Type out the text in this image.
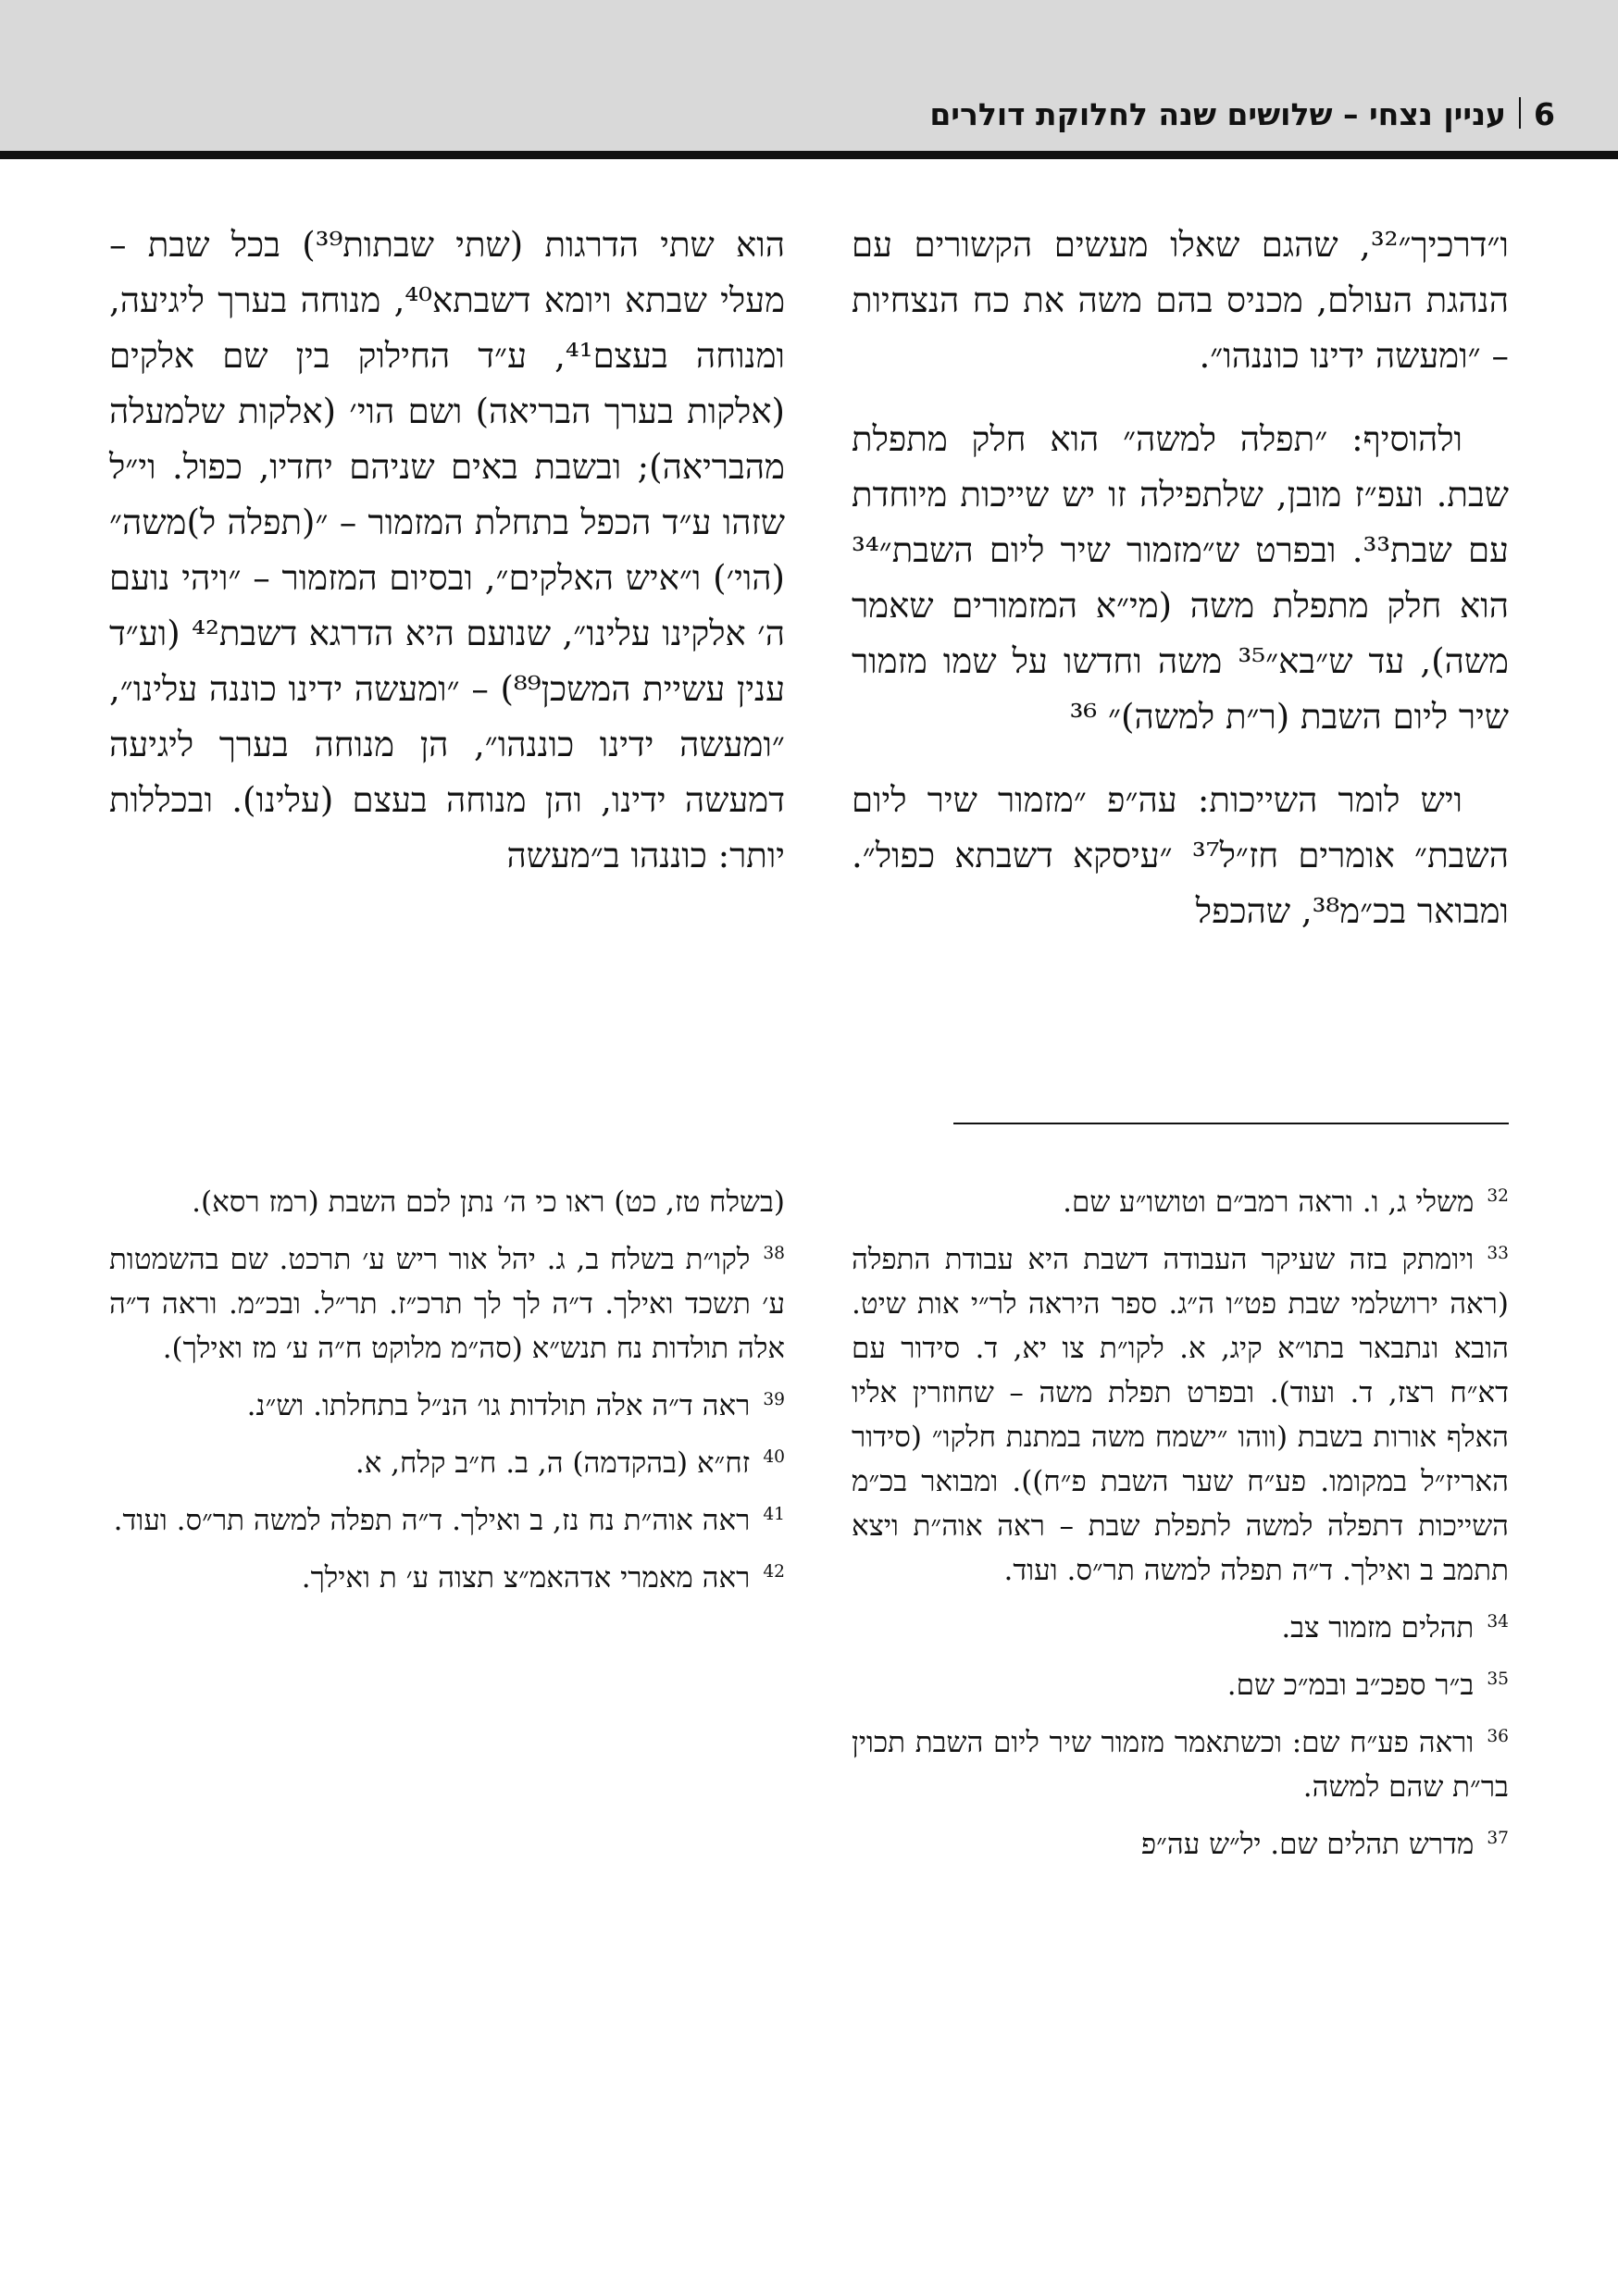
6עניין נצחי – שלושים שנה לחלוקת דולרים

ו״דרכיך״³², שהגם שאלו מעשים הקשורים עם הנהגת העולם, מכניס בהם משה את כח הנצחיות – ״ומעשה ידינו כוננהו״.

ולהוסיף: ״תפלה למשה״ הוא חלק מתפלת שבת. ועפ״ז מובן, שלתפילה זו יש שייכות מיוחדת עם שבת³³. ובפרט ש״מזמור שיר ליום השבת״³⁴ הוא חלק מתפלת משה (מי״א המזמורים שאמר משה), עד ש״בא״³⁵ משה וחדשו על שמו מזמור שיר ליום השבת (ר״ת למשה)״ ³⁶

ויש לומר השייכות: עה״פ ״מזמור שיר ליום השבת״ אומרים חז״ל³⁷ ״עיסקא דשבתא כפול״. ומבואר בכ״מ³⁸, שהכפל

הוא שתי הדרגות (שתי שבתות³⁹) בכל שבת – מעלי שבתא ויומא דשבתא⁴⁰, מנוחה בערך ליגיעה, ומנוחה בעצם⁴¹, ע״ד החילוק בין שם אלקים (אלקות בערך הבריאה) ושם הוי׳ (אלקות שלמעלה מהבריאה); ובשבת באים שניהם יחדיו, כפול. וי״ל שזהו ע״ד הכפל בתחלת המזמור – ״(תפלה ל)משה״ (הוי׳) ו״איש האלקים״, ובסיום המזמור – ״ויהי נועם ה׳ אלקינו עלינו״, שנועם היא הדרגא דשבת⁴² (וע״ד ענין עשיית המשכן⁸⁹) – ״ומעשה ידינו כוננה עלינו״, ״ומעשה ידינו כוננהו״, הן מנוחה בערך ליגיעה דמעשה ידינו, והן מנוחה בעצם (עלינו). ובכללות יותר: כוננהו ב״מעשה

$^{32}$משלי ג, ו. וראה רמב״ם וטושו״ע שם.
$^{33}$ויומתק בזה שעיקר העבודה דשבת היא עבודת התפלה (ראה ירושלמי שבת פט״ו ה״ג. ספר היראה לר״י אות שיט. הובא ונתבאר בתו״א קיג, א. לקו״ת צו יא, ד. סידור עם דא״ח רצז, ד. ועוד). ובפרט תפלת משה – שחוזרין אליו האלף אורות בשבת (ווהו ״ישמח משה במתנת חלקו״ (סידור האריז״ל במקומו. פע״ח שער השבת פ״ח)). ומבואר בכ״מ השייכות דתפלה למשה לתפלת שבת – ראה אוה״ת ויצא תתמב ב ואילך. ד״ה תפלה למשה תר״ס. ועוד.
$^{34}$תהלים מזמור צב.
$^{35}$ב״ר ספכ״ב ובמ״כ שם.
$^{36}$וראה פע״ח שם: וכשתאמר מזמור שיר ליום השבת תכוין בר״ת שהם למשה.
$^{37}$מדרש תהלים שם. יל״ש עה״פ
(בשלח טז, כט) ראו כי ה׳ נתן לכם השבת (רמז רסא).
$^{38}$לקו״ת בשלח ב, ג. יהל אור ריש ע׳ תרכט. שם בהשמטות ע׳ תשכד ואילך. ד״ה לך לך תרכ״ז. תר״ל. ובכ״מ. וראה ד״ה אלה תולדות נח תנש״א (סה״מ מלוקט ח״ה ע׳ מז ואילך).
$^{39}$ראה ד״ה אלה תולדות גו׳ הנ״ל בתחלתו. וש״נ.
$^{40}$זח״א (בהקדמה) ה, ב. ח״ב קלח, א.
$^{41}$ראה אוה״ת נח נז, ב ואילך. ד״ה תפלה למשה תר״ס. ועוד.
$^{42}$ראה מאמרי אדהאמ״צ תצוה ע׳ ת ואילך.
